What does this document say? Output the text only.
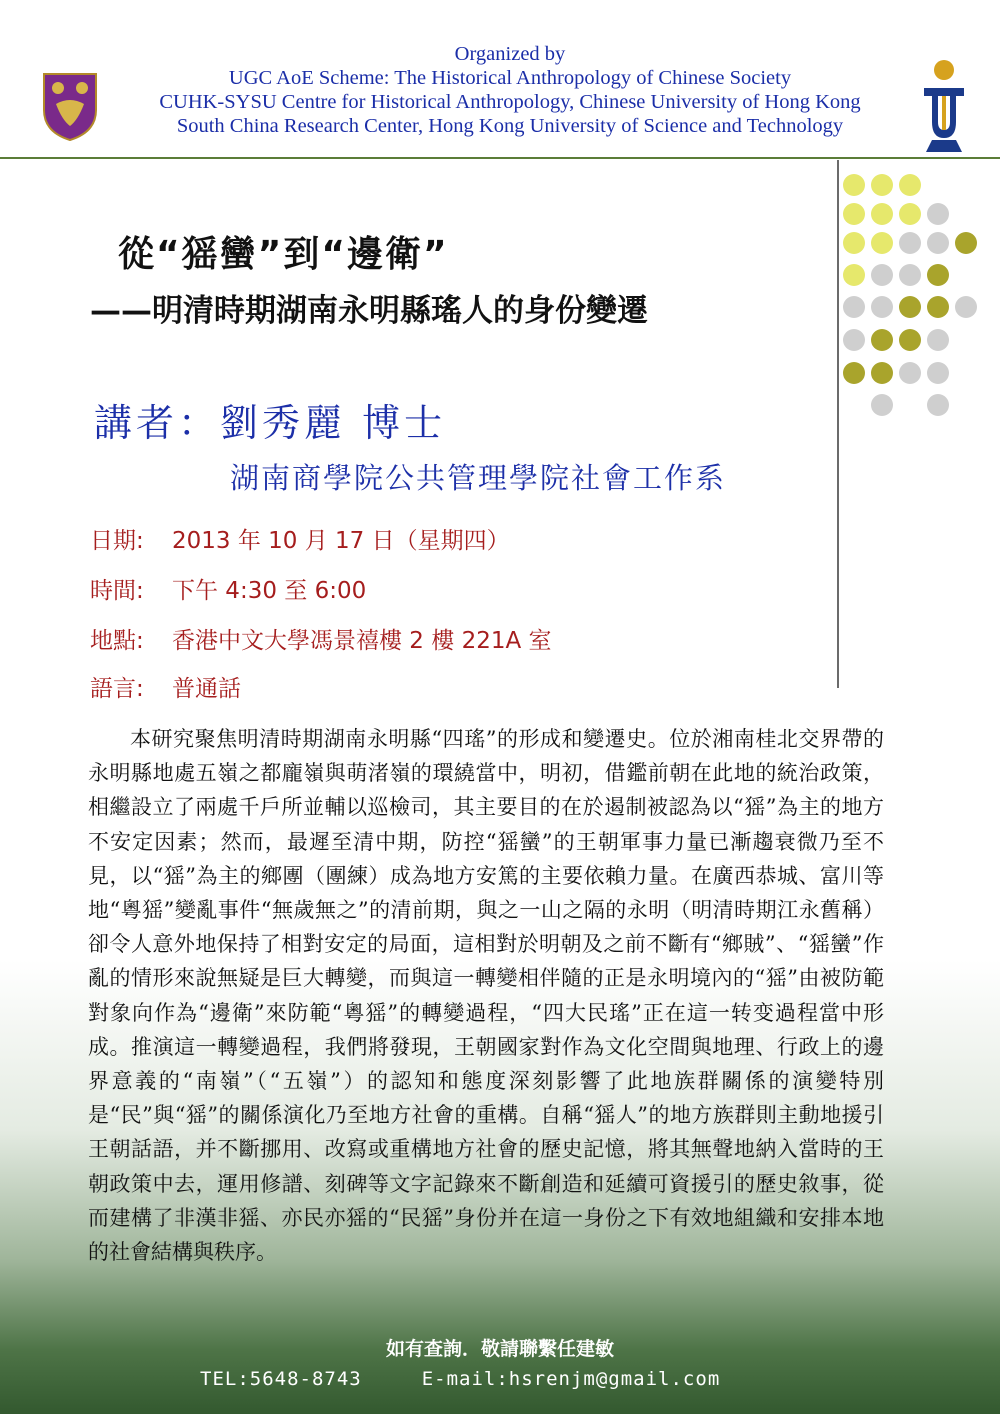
Organized by
UGC AoE Scheme: The Historical Anthropology of Chinese Society
CUHK-SYSU Centre for Historical Anthropology, Chinese University of Hong Kong
South China Research Center, Hong Kong University of Science and Technology
從“猺蠻”到“邊衛”
——明清時期湖南永明縣瑤人的身份變遷
講者：劉秀麗 博士
湖南商學院公共管理學院社會工作系
日期: 2013 年 10 月 17 日（星期四）
時間: 下午 4:30 至 6:00
地點: 香港中文大學馮景禧樓 2 樓 221A 室
語言: 普通話
本研究聚焦明清時期湖南永明縣“四瑤”的形成和變遷史。位於湘南桂北交界帶的永明縣地處五嶺之都龐嶺與萌渚嶺的環繞當中，明初，借鑑前朝在此地的統治政策，相繼設立了兩處千戶所並輔以巡檢司，其主要目的在於遏制被認為以“猺”為主的地方不安定因素；然而，最遲至清中期，防控“猺蠻”的王朝軍事力量已漸趨衰微乃至不見，以“猺”為主的鄉團（團練）成為地方安篤的主要依賴力量。在廣西恭城、富川等地“粵猺”變亂事件“無歲無之”的清前期，與之一山之隔的永明（明清時期江永舊稱）卻令人意外地保持了相對安定的局面，這相對於明朝及之前不斷有“鄉賊”、“猺蠻”作亂的情形來說無疑是巨大轉變，而與這一轉變相伴隨的正是永明境內的“猺”由被防範對象向作為“邊衛”來防範“粵猺”的轉變過程，“四大民瑤”正在這一转变過程當中形成。推演這一轉變過程，我們將發現，王朝國家對作為文化空間與地理、行政上的邊界意義的“南嶺”（“五嶺”）的認知和態度深刻影響了此地族群關係的演變特別是“民”與“猺”的關係演化乃至地方社會的重構。自稱“猺人”的地方族群則主動地援引王朝話語，并不斷挪用、改寫或重構地方社會的歷史記憶，將其無聲地納入當時的王朝政策中去，運用修譜、刻碑等文字記錄來不斷創造和延續可資援引的歷史敘事，從而建構了非漢非猺、亦民亦猺的“民猺”身份并在這一身份之下有效地組織和安排本地的社會結構與秩序。
如有查詢．敬請聯繫任建敏
TEL:5648-8743	E-mail:hsrenjm@gmail.com
